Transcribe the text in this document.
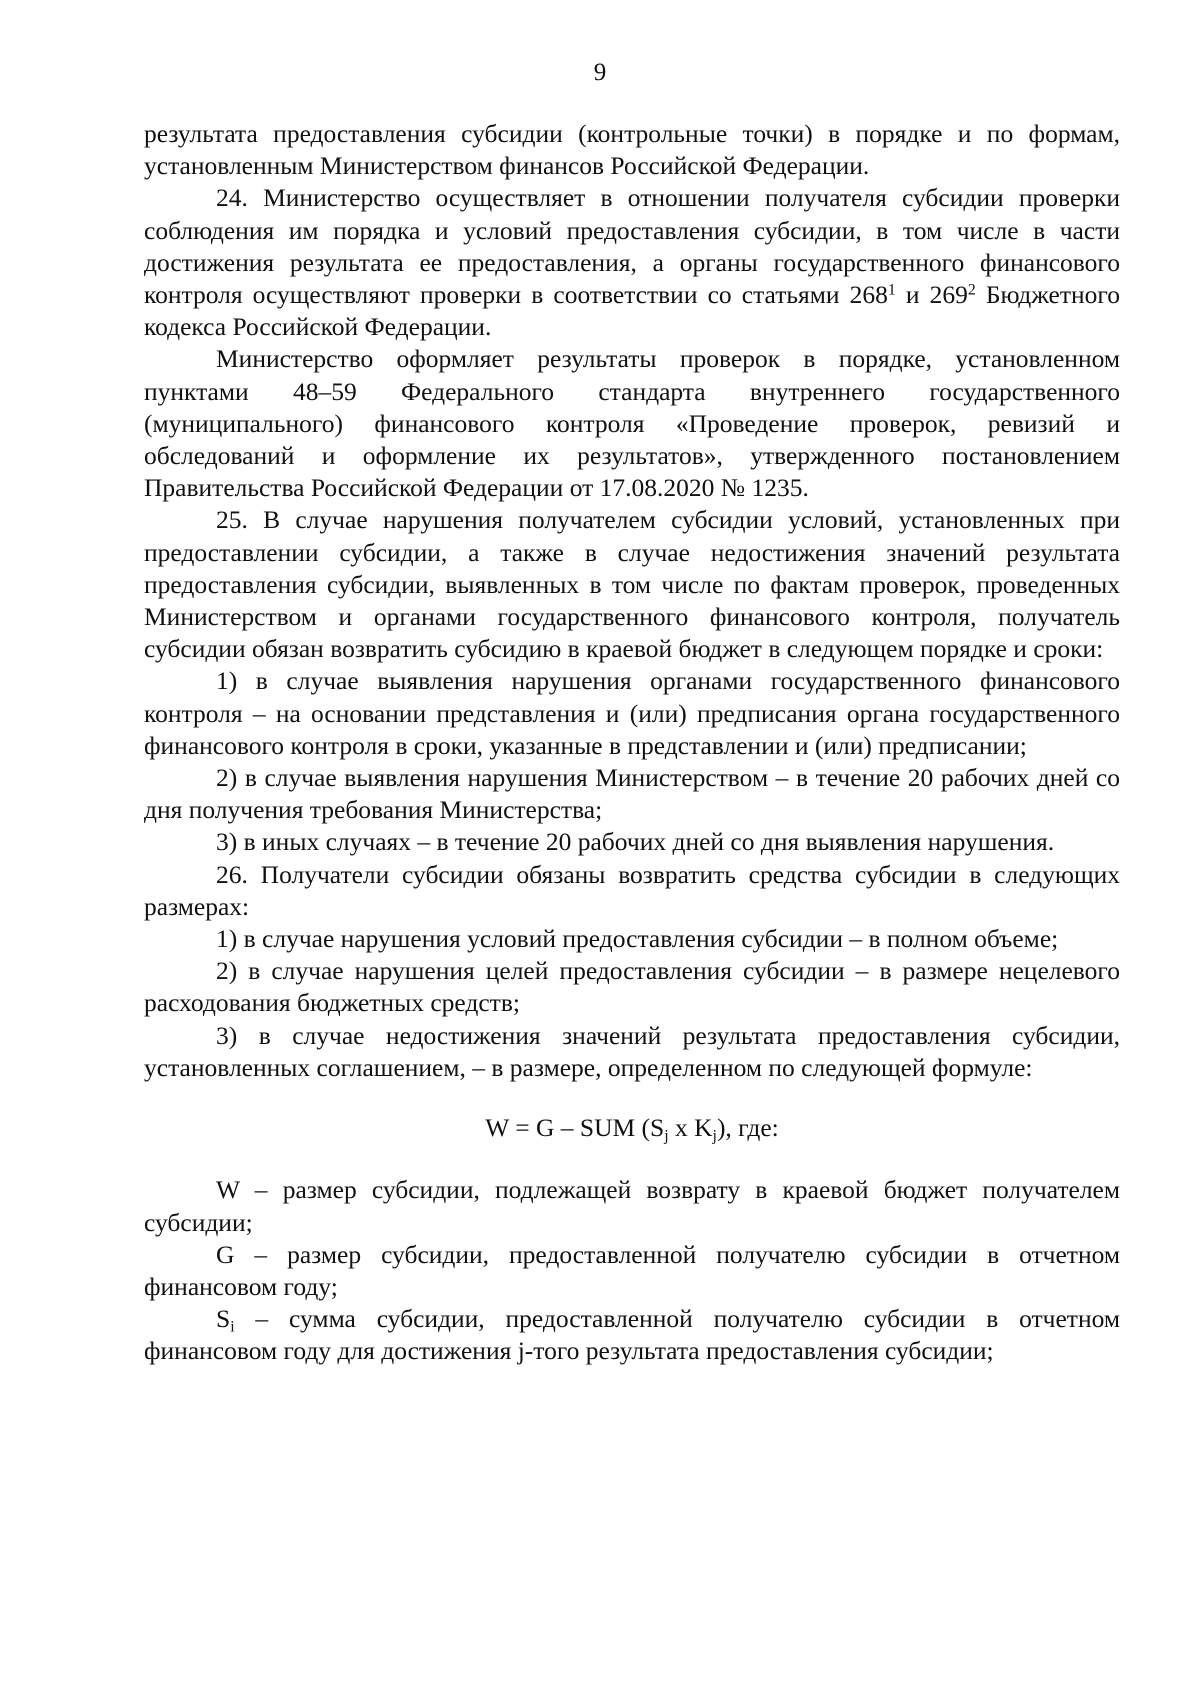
9

результата предоставления субсидии (контрольные точки) в порядке и по формам, установленным Министерством финансов Российской Федерации.

24. Министерство осуществляет в отношении получателя субсидии проверки соблюдения им порядка и условий предоставления субсидии, в том числе в части достижения результата ее предоставления, а органы государственного финансового контроля осуществляют проверки в соответствии со статьями $268^1$ и $269^2$ Бюджетного кодекса Российской Федерации.

Министерство оформляет результаты проверок в порядке, установленном пунктами 48–59 Федерального стандарта внутреннего государственного (муниципального) финансового контроля «Проведение проверок, ревизий и обследований и оформление их результатов», утвержденного постановлением Правительства Российской Федерации от 17.08.2020 № 1235.

25. В случае нарушения получателем субсидии условий, установленных при предоставлении субсидии, а также в случае недостижения значений результата предоставления субсидии, выявленных в том числе по фактам проверок, проведенных Министерством и органами государственного финансового контроля, получатель субсидии обязан возвратить субсидию в краевой бюджет в следующем порядке и сроки:

1) в случае выявления нарушения органами государственного финансового контроля – на основании представления и (или) предписания органа государственного финансового контроля в сроки, указанные в представлении и (или) предписании;

2) в случае выявления нарушения Министерством – в течение 20 рабочих дней со дня получения требования Министерства;

3) в иных случаях – в течение 20 рабочих дней со дня выявления нарушения.

26. Получатели субсидии обязаны возвратить средства субсидии в следующих размерах:

1) в случае нарушения условий предоставления субсидии – в полном объеме;

2) в случае нарушения целей предоставления субсидии – в размере нецелевого расходования бюджетных средств;

3) в случае недостижения значений результата предоставления субсидии, установленных соглашением, – в размере, определенном по следующей формуле:

W = G – SUM ($S_j$ x $K_j$), где:

W – размер субсидии, подлежащей возврату в краевой бюджет получателем субсидии;

G – размер субсидии, предоставленной получателю субсидии в отчетном финансовом году;

$S_i$ – сумма субсидии, предоставленной получателю субсидии в отчетном финансовом году для достижения j-того результата предоставления субсидии;
